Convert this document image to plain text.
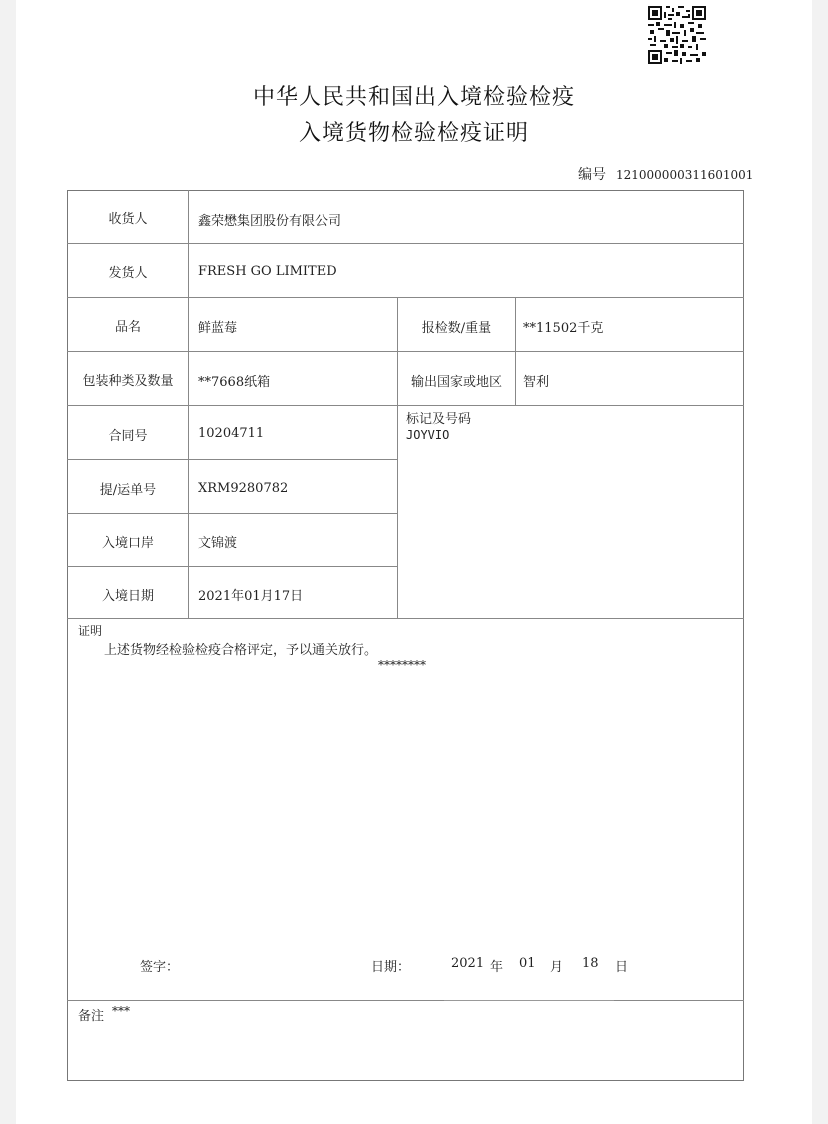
中华人民共和国出入境检验检疫
入境货物检验检疫证明
编号 121000000311601001
收货人	鑫荣懋集团股份有限公司
发货人	FRESH GO LIMITED
品名	鲜蓝莓	报检数/重量	**11502千克
包装种类及数量	**7668纸箱	输出国家或地区	智利
合同号	10204711
标记及号码
JOYVIO
提/运单号	XRM9280782
入境口岸	文锦渡
入境日期	2021年01月17日
证明
上述货物经检验检疫合格评定，予以通关放行。
********
签字：	日期：	2021 年 01 月 18 日
备注 ***
